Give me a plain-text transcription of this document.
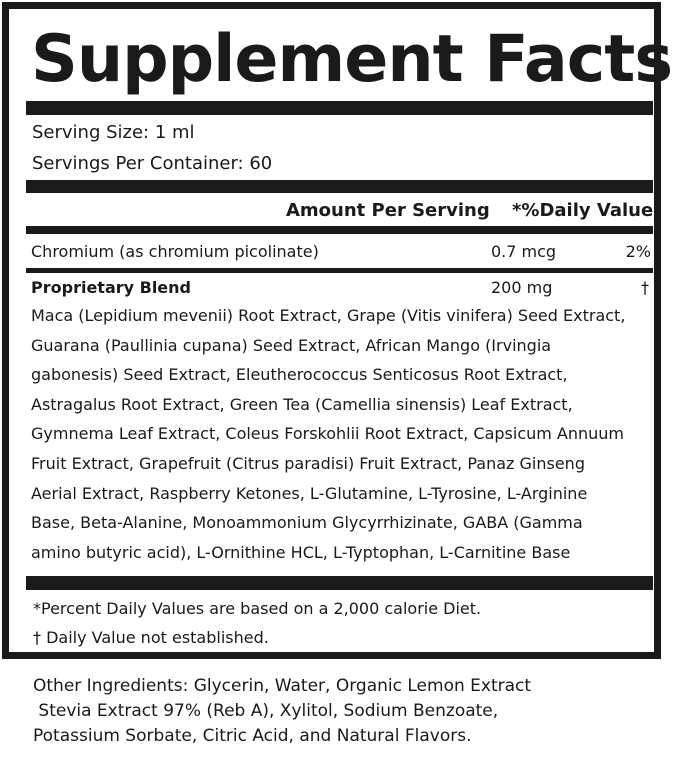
Supplement Facts
Serving Size: 1 ml
Servings Per Container: 60
Amount Per Serving *%Daily Value
Chromium (as chromium picolinate)	0.7 mcg	2%
Proprietary Blend	200 mg	†
Maca (Lepidium mevenii) Root Extract, Grape (Vitis vinifera) Seed Extract,
Guarana (Paullinia cupana) Seed Extract, African Mango (Irvingia
gabonesis) Seed Extract, Eleutherococcus Senticosus Root Extract,
Astragalus Root Extract, Green Tea (Camellia sinensis) Leaf Extract,
Gymnema Leaf Extract, Coleus Forskohlii Root Extract, Capsicum Annuum
Fruit Extract, Grapefruit (Citrus paradisi) Fruit Extract, Panaz Ginseng
Aerial Extract, Raspberry Ketones, L-Glutamine, L-Tyrosine, L-Arginine
Base, Beta-Alanine, Monoammonium Glycyrrhizinate, GABA (Gamma
amino butyric acid), L-Ornithine HCL, L-Typtophan, L-Carnitine Base
*Percent Daily Values are based on a 2,000 calorie Diet.
† Daily Value not established.
Other Ingredients: Glycerin, Water, Organic Lemon Extract
Stevia Extract 97% (Reb A), Xylitol, Sodium Benzoate,
Potassium Sorbate, Citric Acid, and Natural Flavors.
